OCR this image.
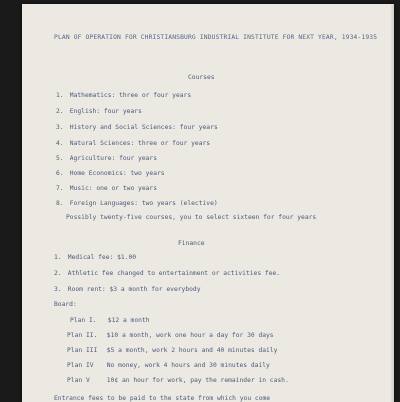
PLAN OF OPERATION FOR CHRISTIANSBURG INDUSTRIAL INSTITUTE FOR NEXT YEAR, 1934-1935
Courses
1. Mathematics: three or four years
2. English: four years
3. History and Social Sciences: four years
4. Natural Sciences: three or four years
5. Agriculture: four years
6. Home Economics: two years
7. Music: one or two years
8. Foreign Languages: two years (elective)
Possibly twenty-five courses, you to select sixteen for four years
Finance
1. Medical fee: $1.00
2. Athletic fee changed to entertainment or activities fee.
3. Room rent: $3 a month for everybody
Board:
Plan I. $12 a month
Plan II. $10 a month, work one hour a day for 30 days
Plan III $5 a month, work 2 hours and 40 minutes daily
Plan IV No money, work 4 hours and 30 minutes daily
Plan V	10¢ an hour for work, pay the remainder in cash.
Entrance fees to be paid to the state from which you come
